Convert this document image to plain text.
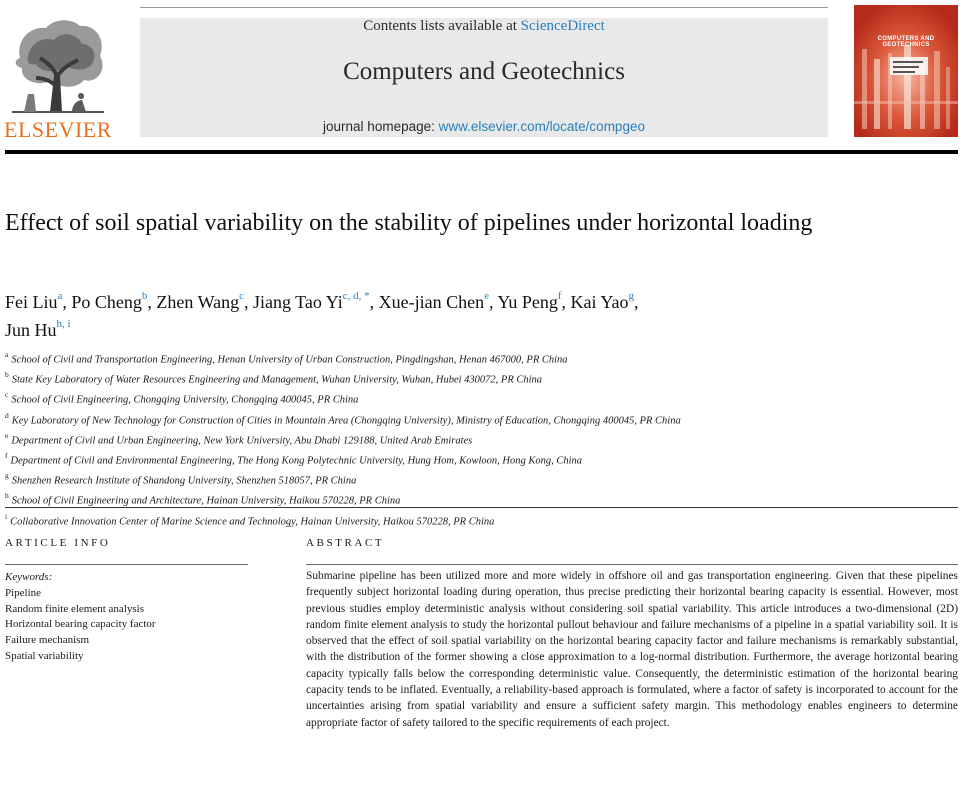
ELSEVIER
Contents lists available at ScienceDirect
Computers and Geotechnics
journal homepage: www.elsevier.com/locate/compgeo
COMPUTERS AND GEOTECHNICS
Effect of soil spatial variability on the stability of pipelines under horizontal loading
Fei Liu$^a$, Po Cheng$^b$, Zhen Wang$^c$, Jiang Tao $Yi^{c, d, *}$, Xue-jian Chen$^e$, Yu Peng$^f$, Kai Yao$^g$,
Jun Hu$^{h, i}$
$^a$ School of Civil and Transportation Engineering, Henan University of Urban Construction, Pingdingshan, Henan 467000, PR China
$^b$ State Key Laboratory of Water Resources Engineering and Management, Wuhan University, Wuhan, Hubei 430072, PR China
$^c$ School of Civil Engineering, Chongqing University, Chongqing 400045, PR China
$^d$ Key Laboratory of New Technology for Construction of Cities in Mountain Area (Chongqing University), Ministry of Education, Chongqing 400045, PR China
$^e$ Department of Civil and Urban Engineering, New York University, Abu Dhabi 129188, United Arab Emirates
$^f$ Department of Civil and Environmental Engineering, The Hong Kong Polytechnic University, Hung Hom, Kowloon, Hong Kong, China
$^g$ Shenzhen Research Institute of Shandong University, Shenzhen 518057, PR China
$^h$ School of Civil Engineering and Architecture, Hainan University, Haikou 570228, PR China
$^i$ Collaborative Innovation Center of Marine Science and Technology, Hainan University, Haikou 570228, PR China
ARTICLE INFO
Keywords:
Pipeline
Random finite element analysis
Horizontal bearing capacity factor
Failure mechanism
Spatial variability
ABSTRACT

Submarine pipeline has been utilized more and more widely in offshore oil and gas transportation engineering. Given that these pipelines frequently subject horizontal loading during operation, thus precise predicting their horizontal bearing capacity is essential. However, most previous studies employ deterministic analysis without considering soil spatial variability. This article introduces a two-dimensional (2D) random finite element analysis to study the horizontal pullout behaviour and failure mechanisms of a pipeline in a spatial variability soil. It is observed that the effect of soil spatial variability on the horizontal bearing capacity factor and failure mechanisms is remarkably substantial, with the distribution of the former showing a close approximation to a log-normal distribution. Furthermore, the average horizontal bearing capacity typically falls below the corresponding deterministic value. Consequently, the deterministic estimation of the horizontal bearing capacity tends to be inflated. Eventually, a reliability-based approach is formulated, where a factor of safety is incorporated to account for the uncertainties arising from spatial variability and ensure a sufficient safety margin. This methodology enables engineers to determine appropriate factor of safety tailored to the specific requirements of each project.
